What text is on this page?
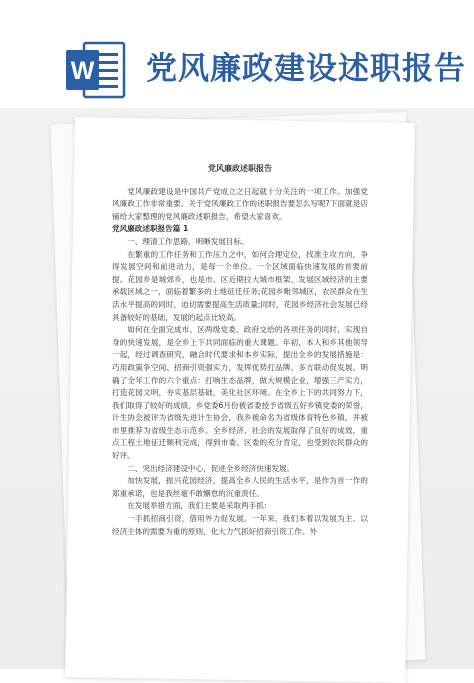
W 党风廉政建设述职报告
党风廉政述职报告

党风廉政建设是中国共产党成立之日起就十分关注的一项工作。加强党风廉政工作非常重要。关于党风廉政工作的述职报告要怎么写呢?下面就是店铺给大家整理的党风廉政述职报告，希望大家喜欢。

党风廉政述职报告篇 1

一、理清工作思路，明晰发展目标。

在繁重的工作任务和工作压力之中，如何合理定位，找准主攻方向，争得发展空间和前进动力，是每一个单位、一个区域面临快速发展的首要前提。花园乡是城郊乡，也是市、区近期拉大城市框架、发展区域经济的主要承载区域之一，面临着繁多的土地征迁任务;花园乡毗邻城区，农民群众在生活水平提高的同时，迫切需要提高生活质量;同时，花园乡经济社会发展已经具备较好的基础，发展的起点比较高。

如何在全面完成市、区两级党委、政府交给的各项任务的同时，实现自身的快速发展，是全乡上下共同面临的重大课题。年初，本人和乡其他领导一起，经过调查研究，融合时代要求和本乡实际，提出全乡的发展措施是：巧用政策争空间、招商引资强实力，发挥优势打品牌、多方联动促发展。明确了全年工作的六个重点：打响生态品牌，做大规模企业，增强三产实力，打造花园文明，夯实基层基础，美化社区环境。在全乡上下的共同努力下，我们取得了较好的成绩，乡党委6月份被省委授予省级五好乡镇党委的荣誉，计生协会被评为省级先进计生协会，我乡被命名为省级体育特色乡镇，并被市里推荐为省级生态示范乡。全乡经济、社会的发展取得了良好的成效，重点工程土地征迁顺利完成，得到市委、区委的充分肯定，也受到农民群众的好评。

二、突出经济建设中心，促进全乡经济快速发展。

加快发展，振兴花园经济，提高全乡人民的生活水平，是作为首一作的郑重承诺，也是我丝毫不敢懈怠的沉重责任。

在发展举措方面，我们主要是采取两手抓：

一手抓招商引资，借用外力促发展。一年来，我们本着以发展为主、以经济主体的需要为重的原则，化大力气抓好招商引资工作。外
